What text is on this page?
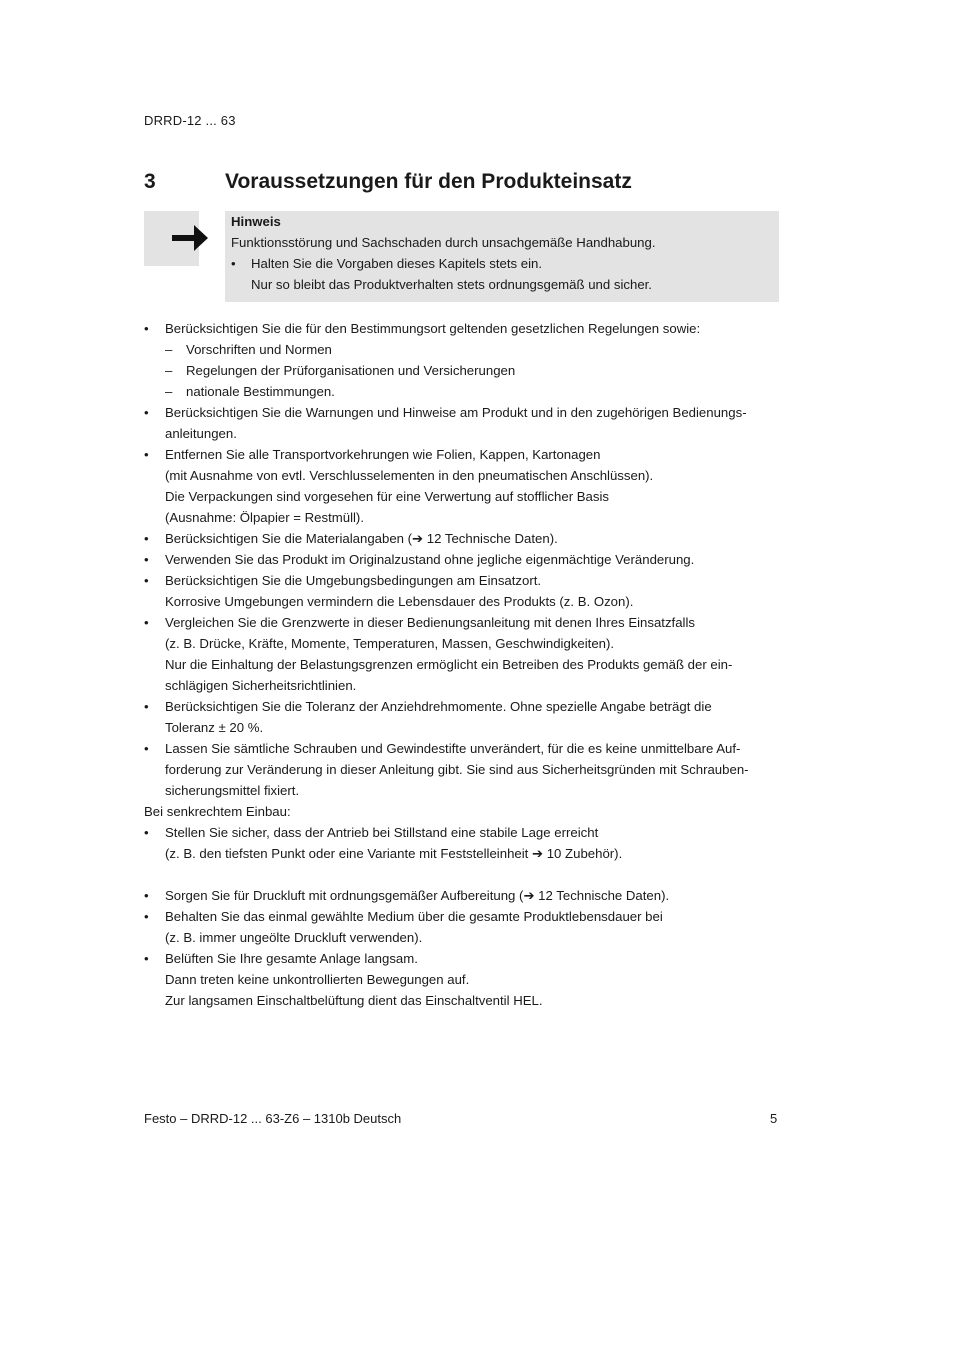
DRRD-12 ... 63
3	Voraussetzungen für den Produkteinsatz
Hinweis
Funktionsstörung und Sachschaden durch unsachgemäße Handhabung.
• Halten Sie die Vorgaben dieses Kapitels stets ein.
Nur so bleibt das Produktverhalten stets ordnungsgemäß und sicher.
• Berücksichtigen Sie die für den Bestimmungsort geltenden gesetzlichen Regelungen sowie:
– Vorschriften und Normen
– Regelungen der Prüforganisationen und Versicherungen
– nationale Bestimmungen.
• Berücksichtigen Sie die Warnungen und Hinweise am Produkt und in den zugehörigen Bedienungs-
anleitungen.
• Entfernen Sie alle Transportvorkehrungen wie Folien, Kappen, Kartonagen
(mit Ausnahme von evtl. Verschlusselementen in den pneumatischen Anschlüssen).
Die Verpackungen sind vorgesehen für eine Verwertung auf stofflicher Basis
(Ausnahme: Ölpapier = Restmüll).
• Berücksichtigen Sie die Materialangaben (➔ 12 Technische Daten).
• Verwenden Sie das Produkt im Originalzustand ohne jegliche eigenmächtige Veränderung.
• Berücksichtigen Sie die Umgebungsbedingungen am Einsatzort.
Korrosive Umgebungen vermindern die Lebensdauer des Produkts (z. B. Ozon).
• Vergleichen Sie die Grenzwerte in dieser Bedienungsanleitung mit denen Ihres Einsatzfalls
(z. B. Drücke, Kräfte, Momente, Temperaturen, Massen, Geschwindigkeiten).
Nur die Einhaltung der Belastungsgrenzen ermöglicht ein Betreiben des Produkts gemäß der ein-
schlägigen Sicherheitsrichtlinien.
• Berücksichtigen Sie die Toleranz der Anziehdrehmomente. Ohne spezielle Angabe beträgt die
Toleranz ± 20 %.
• Lassen Sie sämtliche Schrauben und Gewindestifte unverändert, für die es keine unmittelbare Auf-
forderung zur Veränderung in dieser Anleitung gibt. Sie sind aus Sicherheitsgründen mit Schrauben-
sicherungsmittel fixiert.
Bei senkrechtem Einbau:
• Stellen Sie sicher, dass der Antrieb bei Stillstand eine stabile Lage erreicht
(z. B. den tiefsten Punkt oder eine Variante mit Feststelleinheit ➔ 10 Zubehör).
• Sorgen Sie für Druckluft mit ordnungsgemäßer Aufbereitung (➔ 12 Technische Daten).
• Behalten Sie das einmal gewählte Medium über die gesamte Produktlebensdauer bei
(z. B. immer ungeölte Druckluft verwenden).
• Belüften Sie Ihre gesamte Anlage langsam.
Dann treten keine unkontrollierten Bewegungen auf.
Zur langsamen Einschaltbelüftung dient das Einschaltventil HEL.
Festo – DRRD-12 ... 63-Z6 – 1310b Deutsch	5
